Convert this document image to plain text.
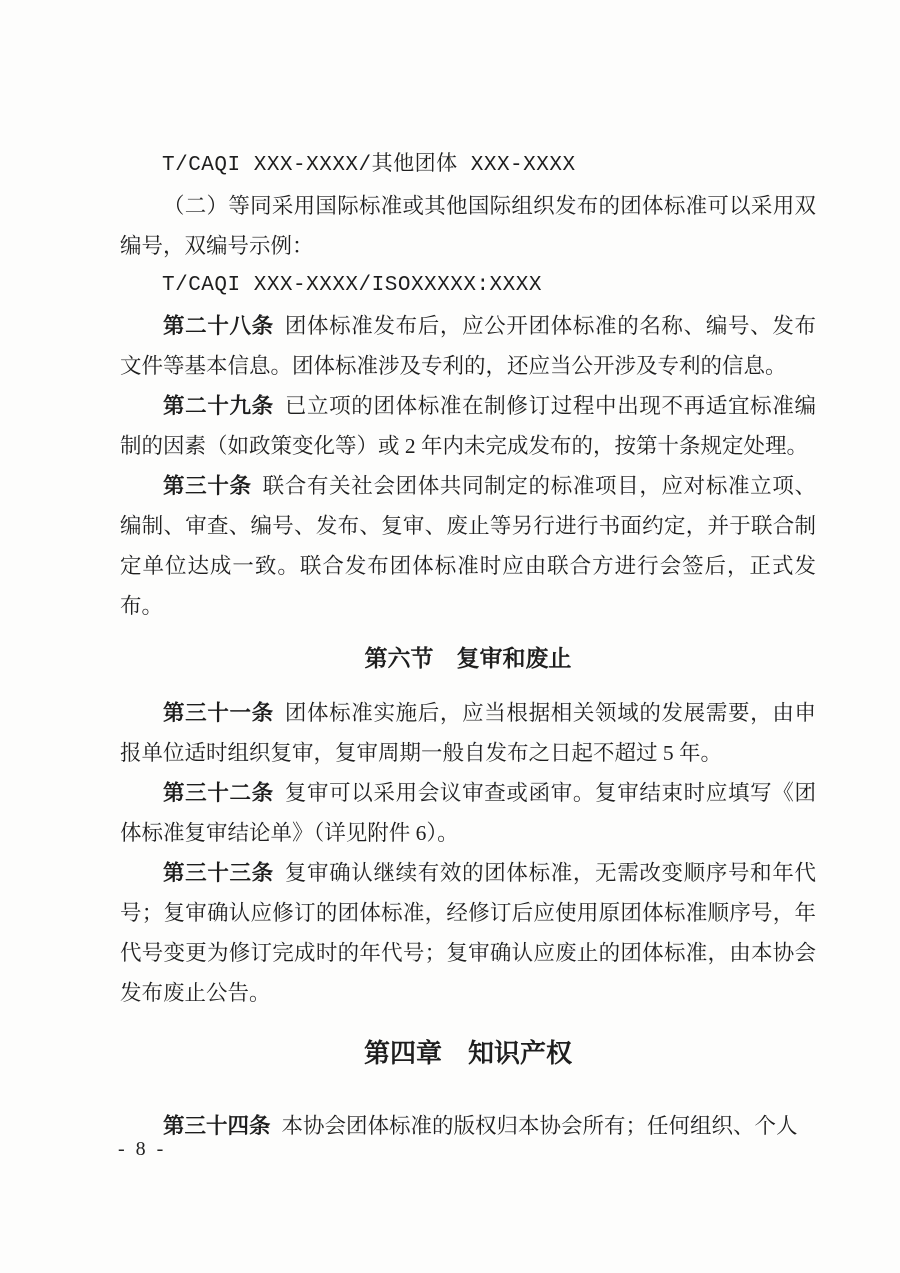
T/CAQI XXX-XXXX/其他团体 XXX-XXXX
（二）等同采用国际标准或其他国际组织发布的团体标准可以采用双编号，双编号示例：
T/CAQI XXX-XXXX/ISOXXXXX:XXXX
第二十八条 团体标准发布后，应公开团体标准的名称、编号、发布文件等基本信息。团体标准涉及专利的，还应当公开涉及专利的信息。
第二十九条 已立项的团体标准在制修订过程中出现不再适宜标准编制的因素（如政策变化等）或 2 年内未完成发布的，按第十条规定处理。
第三十条 联合有关社会团体共同制定的标准项目，应对标准立项、编制、审查、编号、发布、复审、废止等另行进行书面约定，并于联合制定单位达成一致。联合发布团体标准时应由联合方进行会签后，正式发布。
第六节　复审和废止
第三十一条 团体标准实施后，应当根据相关领域的发展需要，由申报单位适时组织复审，复审周期一般自发布之日起不超过 5 年。
第三十二条 复审可以采用会议审查或函审。复审结束时应填写《团体标准复审结论单》（详见附件 6）。
第三十三条 复审确认继续有效的团体标准，无需改变顺序号和年代号；复审确认应修订的团体标准，经修订后应使用原团体标准顺序号，年代号变更为修订完成时的年代号；复审确认应废止的团体标准，由本协会发布废止公告。
第四章　知识产权
第三十四条 本协会团体标准的版权归本协会所有；任何组织、个人
- 8 -
